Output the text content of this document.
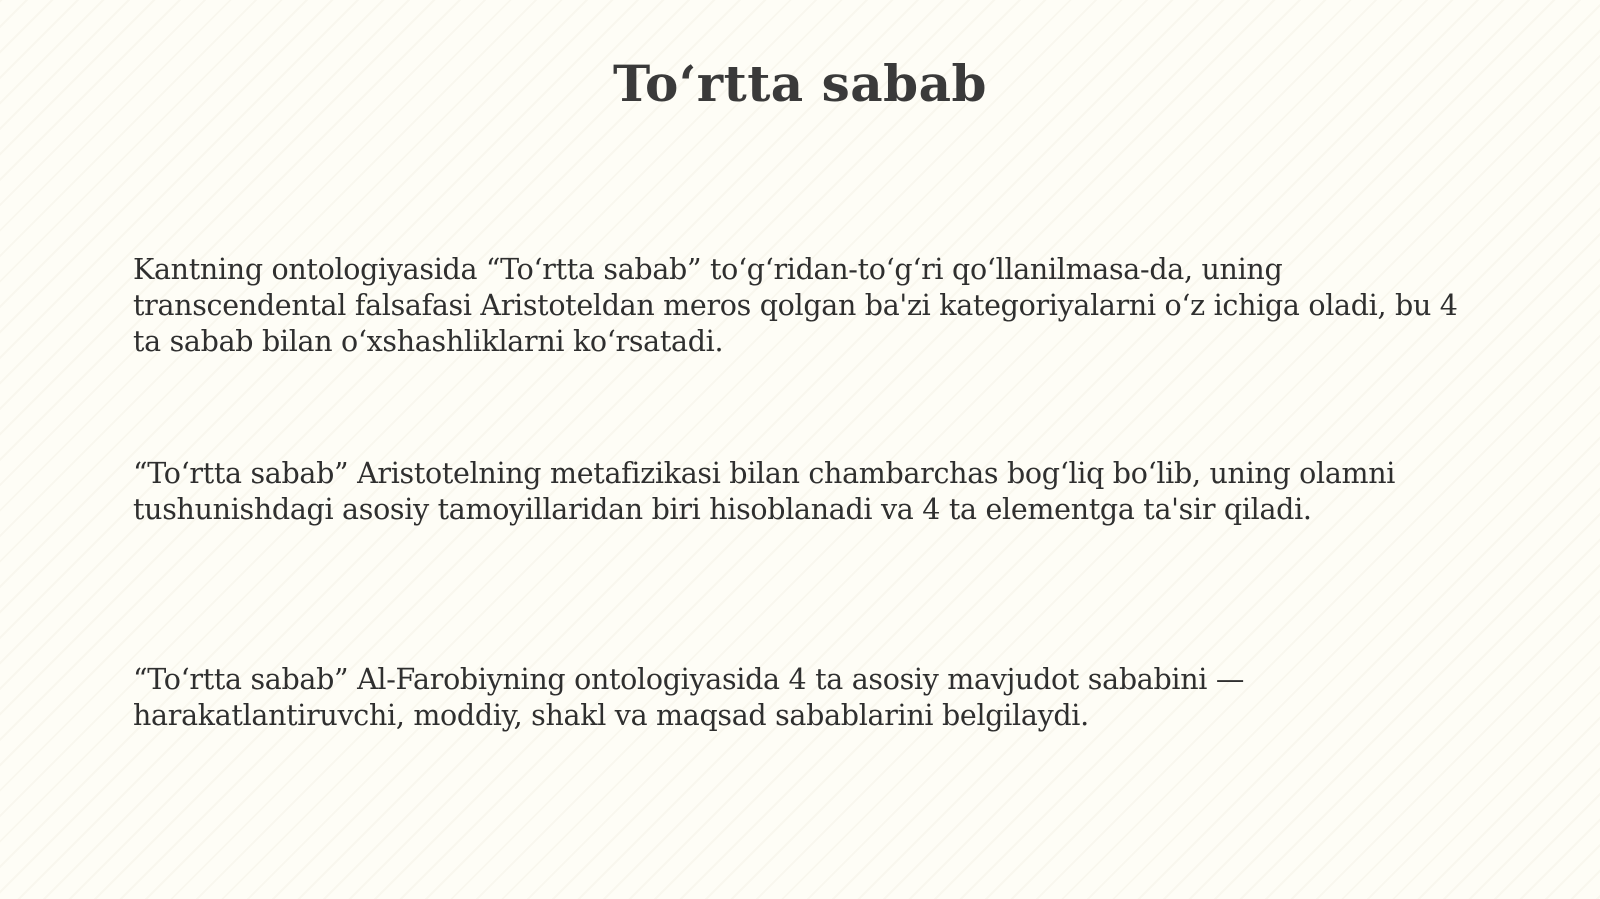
To‘rtta sabab

Kantning ontologiyasida “To‘rtta sabab” to‘g‘ridan-to‘g‘ri qo‘llanilmasa-da, uning transcendental falsafasi Aristoteldan meros qolgan ba'zi kategoriyalarni o‘z ichiga oladi, bu 4 ta sabab bilan o‘xshashliklarni ko‘rsatadi.

“To‘rtta sabab” Aristotelning metafizikasi bilan chambarchas bog‘liq bo‘lib, uning olamni tushunishdagi asosiy tamoyillaridan biri hisoblanadi va 4 ta elementga ta'sir qiladi.

“To‘rtta sabab” Al-Farobiyning ontologiyasida 4 ta asosiy mavjudot sababini — harakatlantiruvchi, moddiy, shakl va maqsad sabablarini belgilaydi.
